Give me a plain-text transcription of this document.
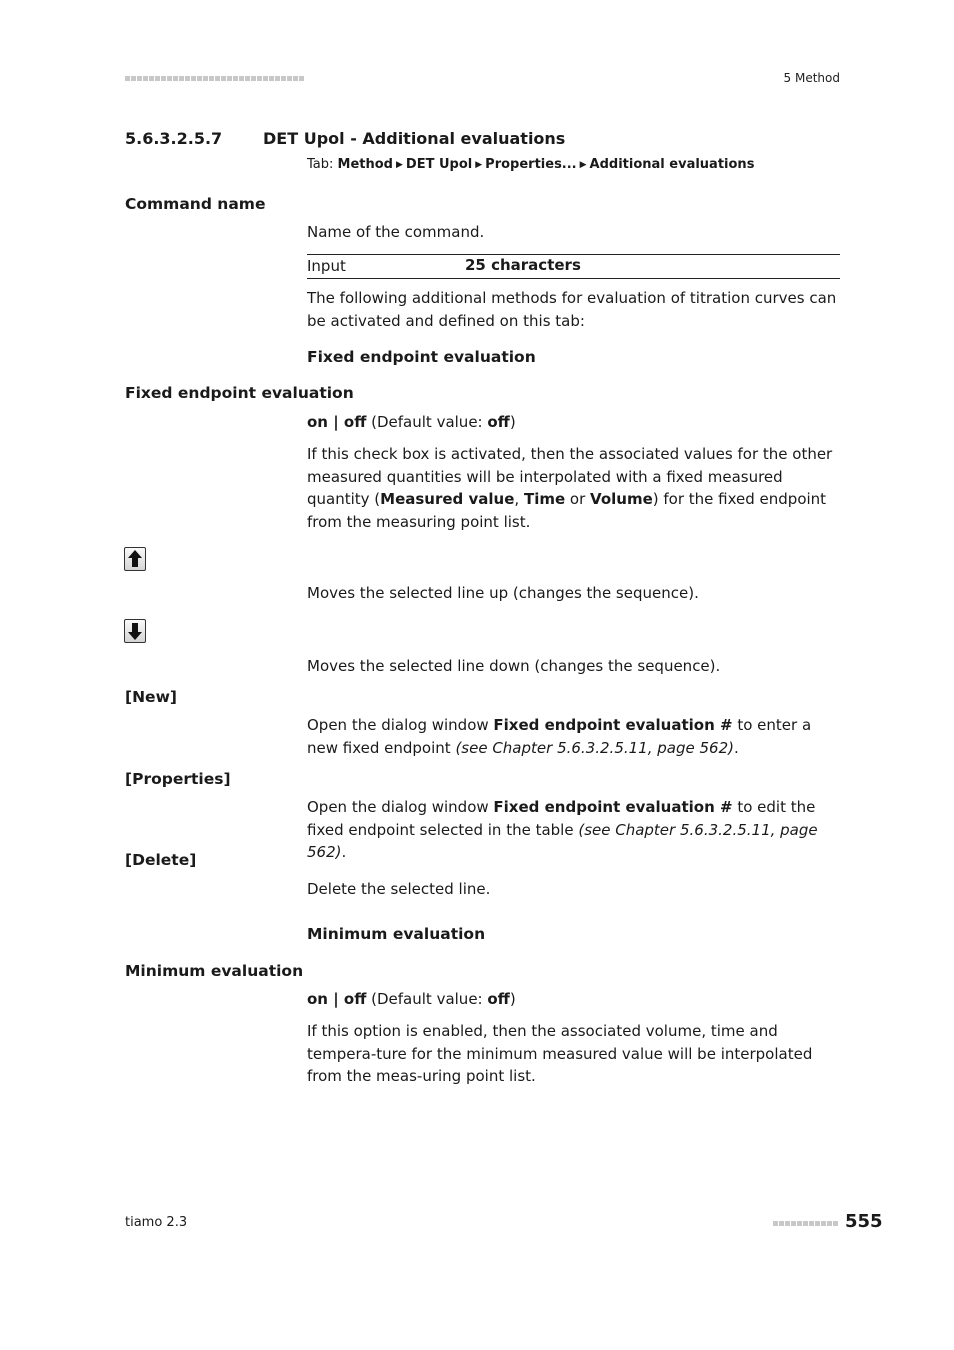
5 Method
5.6.3.2.5.7	DET Upol - Additional evaluations
Tab: Method ▶ DET Upol ▶ Properties... ▶ Additional evaluations
Command name
Name of the command.
Input	25 characters
The following additional methods for evaluation of titration curves can be activated and defined on this tab:
Fixed endpoint evaluation
Fixed endpoint evaluation
on | off (Default value: off)
If this check box is activated, then the associated values for the other measured quantities will be interpolated with a fixed measured quantity (Measured value, Time or Volume) for the fixed endpoint from the measuring point list.
Moves the selected line up (changes the sequence).
Moves the selected line down (changes the sequence).
[New]
Open the dialog window Fixed endpoint evaluation # to enter a new fixed endpoint (see Chapter 5.6.3.2.5.11, page 562).
[Properties]
Open the dialog window Fixed endpoint evaluation # to edit the fixed endpoint selected in the table (see Chapter 5.6.3.2.5.11, page 562).
[Delete]
Delete the selected line.
Minimum evaluation
Minimum evaluation
on | off (Default value: off)
If this option is enabled, then the associated volume, time and tempera-ture for the minimum measured value will be interpolated from the meas-uring point list.
tiamo 2.3	555
